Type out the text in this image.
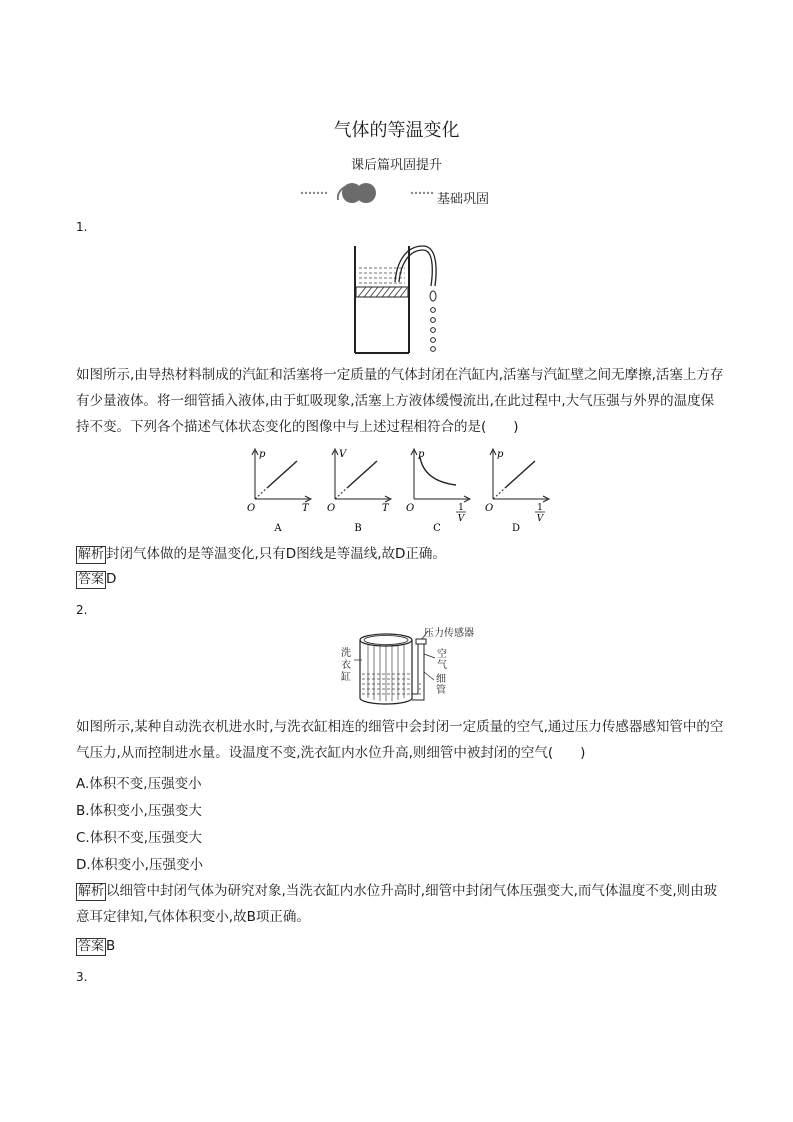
气体的等温变化
课后篇巩固提升
基础巩固
1.
如图所示,由导热材料制成的汽缸和活塞将一定质量的气体封闭在汽缸内,活塞与汽缸壁之间无摩擦,活塞上方存有少量液体。将一细管插入液体,由于虹吸现象,活塞上方液体缓慢流出,在此过程中,大气压强与外界的温度保持不变。下列各个描述气体状态变化的图像中与上述过程相符合的是(　　)
p
T
O
A
V
T
O
B
p
1
V
O
C
p
1
V
O
D
解析 封闭气体做的是等温变化,只有D图线是等温线,故D正确。
答案 D
2.
压力传感器
空气
细管
洗衣缸
如图所示,某种自动洗衣机进水时,与洗衣缸相连的细管中会封闭一定质量的空气,通过压力传感器感知管中的空气压力,从而控制进水量。设温度不变,洗衣缸内水位升高,则细管中被封闭的空气(　　)
A.体积不变,压强变小
B.体积变小,压强变大
C.体积不变,压强变大
D.体积变小,压强变小
解析 以细管中封闭气体为研究对象,当洗衣缸内水位升高时,细管中封闭气体压强变大,而气体温度不变,则由玻意耳定律知,气体体积变小,故B项正确。
答案 B
3.
